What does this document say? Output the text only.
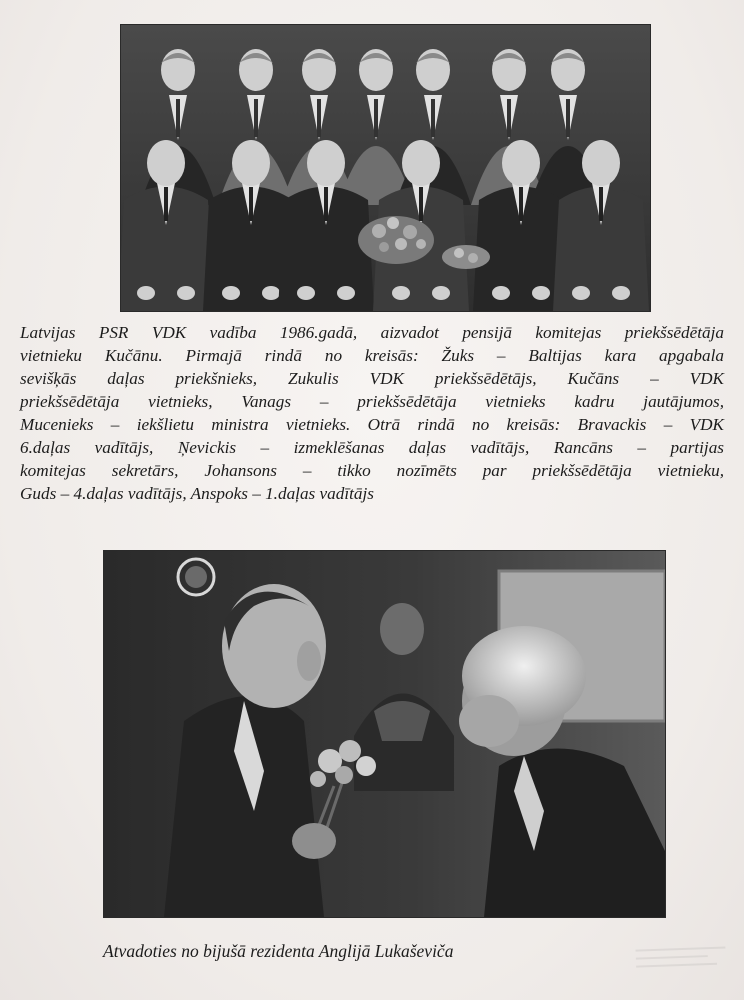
Latvijas PSR VDK vadība 1986.gadā, aizvadot pensijā komitejas priekšsēdētāja
vietnieku Kučānu. Pirmajā rindā no kreisās: Žuks – Baltijas kara apgabala
sevišķās daļas priekšnieks, Zukulis VDK priekšsēdētājs, Kučāns – VDK
priekšsēdētāja vietnieks, Vanags – priekšsēdētāja vietnieks kadru jautājumos,
Mucenieks – iekšlietu ministra vietnieks. Otrā rindā no kreisās: Bravackis – VDK
6.daļas vadītājs, Ņevickis – izmeklēšanas daļas vadītājs, Rancāns – partijas
komitejas sekretārs, Johansons – tikko nozīmēts par priekšsēdētāja vietnieku,
Guds – 4.daļas vadītājs, Anspoks – 1.daļas vadītājs

Atvadoties no bijušā rezidenta Anglijā Lukaševiča
